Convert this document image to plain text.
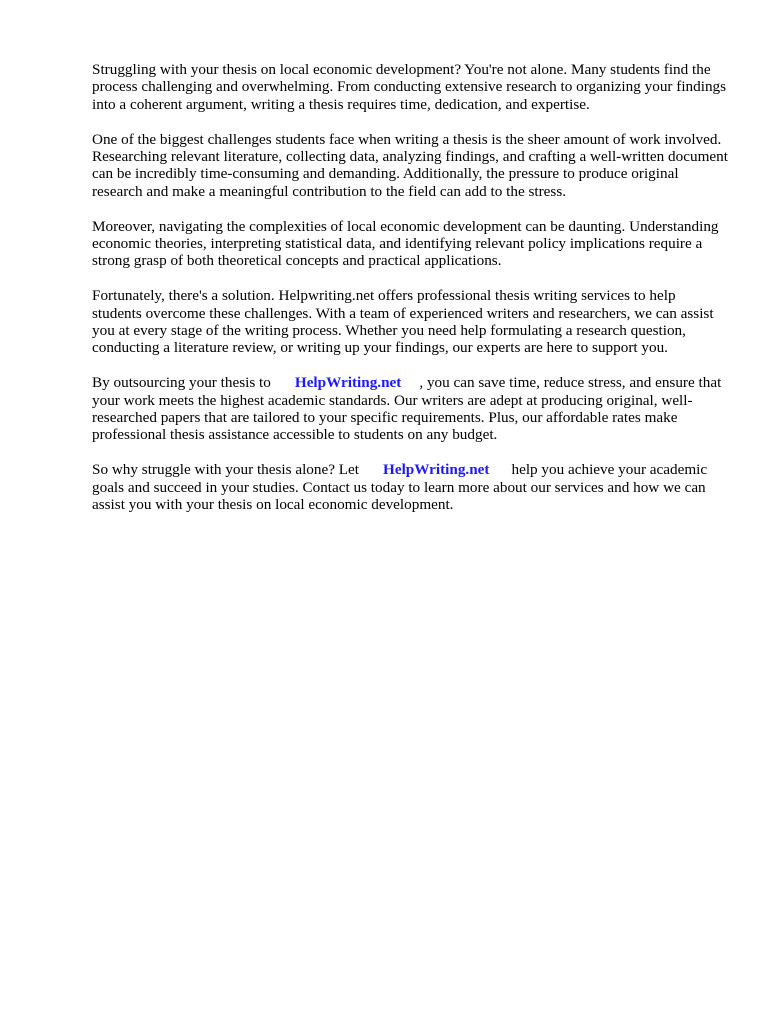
Struggling with your thesis on local economic development? You're not alone. Many students find the process challenging and overwhelming. From conducting extensive research to organizing your findings into a coherent argument, writing a thesis requires time, dedication, and expertise.

One of the biggest challenges students face when writing a thesis is the sheer amount of work involved. Researching relevant literature, collecting data, analyzing findings, and crafting a well-written document can be incredibly time-consuming and demanding. Additionally, the pressure to produce original research and make a meaningful contribution to the field can add to the stress.

Moreover, navigating the complexities of local economic development can be daunting. Understanding economic theories, interpreting statistical data, and identifying relevant policy implications require a strong grasp of both theoretical concepts and practical applications.

Fortunately, there's a solution. Helpwriting.net offers professional thesis writing services to help students overcome these challenges. With a team of experienced writers and researchers, we can assist you at every stage of the writing process. Whether you need help formulating a research question, conducting a literature review, or writing up your findings, our experts are here to support you.

By outsourcing your thesis to HelpWriting.net , you can save time, reduce stress, and ensure that your work meets the highest academic standards. Our writers are adept at producing original, well-researched papers that are tailored to your specific requirements. Plus, our affordable rates make professional thesis assistance accessible to students on any budget.

So why struggle with your thesis alone? Let HelpWriting.net help you achieve your academic goals and succeed in your studies. Contact us today to learn more about our services and how we can assist you with your thesis on local economic development.
